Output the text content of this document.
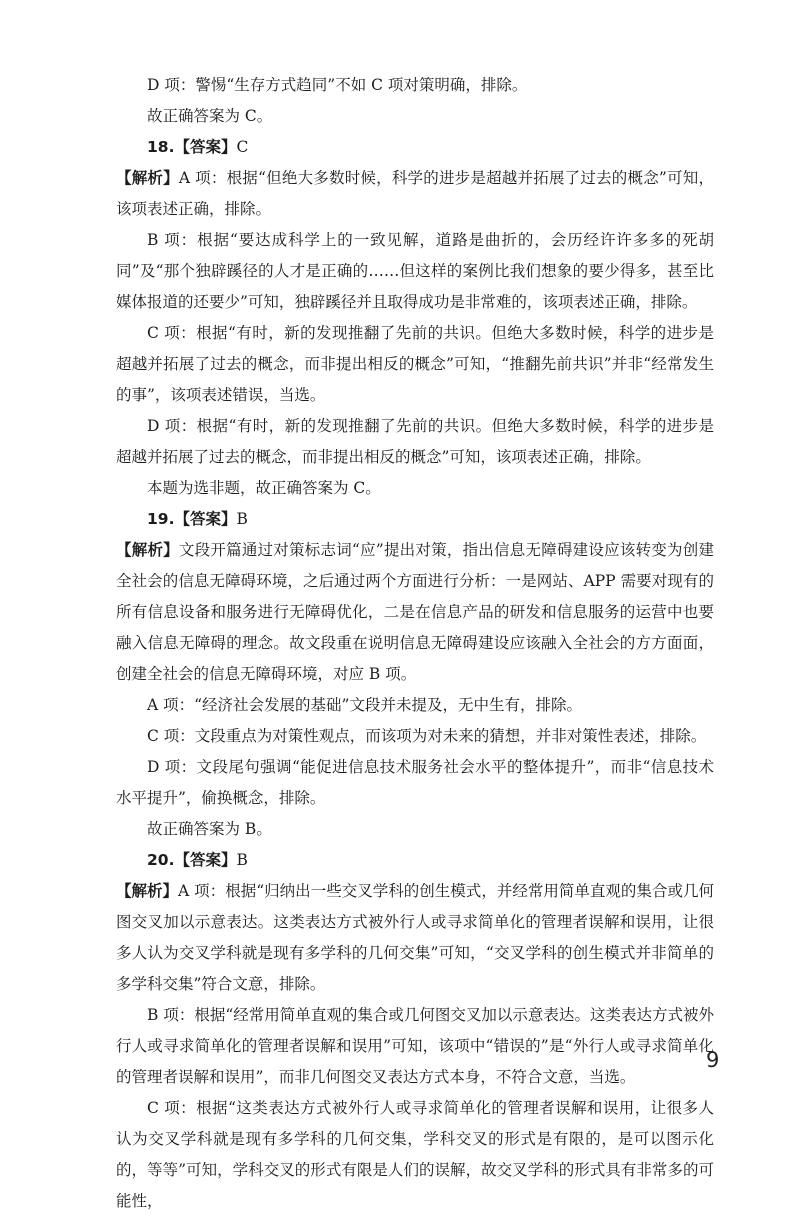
D 项：警惕“生存方式趋同”不如 C 项对策明确，排除。

故正确答案为 C。

18.【答案】C

【解析】A 项：根据“但绝大多数时候，科学的进步是超越并拓展了过去的概念”可知，该项表述正确，排除。

B 项：根据“要达成科学上的一致见解，道路是曲折的，会历经许许多多的死胡同”及“那个独辟蹊径的人才是正确的……但这样的案例比我们想象的要少得多，甚至比媒体报道的还要少”可知，独辟蹊径并且取得成功是非常难的，该项表述正确，排除。

C 项：根据“有时，新的发现推翻了先前的共识。但绝大多数时候，科学的进步是超越并拓展了过去的概念，而非提出相反的概念”可知，“推翻先前共识”并非“经常发生的事”，该项表述错误，当选。

D 项：根据“有时，新的发现推翻了先前的共识。但绝大多数时候，科学的进步是超越并拓展了过去的概念，而非提出相反的概念”可知，该项表述正确，排除。

本题为选非题，故正确答案为 C。

19.【答案】B

【解析】文段开篇通过对策标志词“应”提出对策，指出信息无障碍建设应该转变为创建全社会的信息无障碍环境，之后通过两个方面进行分析：一是网站、APP 需要对现有的所有信息设备和服务进行无障碍优化，二是在信息产品的研发和信息服务的运营中也要融入信息无障碍的理念。故文段重在说明信息无障碍建设应该融入全社会的方方面面，创建全社会的信息无障碍环境，对应 B 项。

A 项：“经济社会发展的基础”文段并未提及，无中生有，排除。

C 项：文段重点为对策性观点，而该项为对未来的猜想，并非对策性表述，排除。

D 项：文段尾句强调“能促进信息技术服务社会水平的整体提升”，而非“信息技术水平提升”，偷换概念，排除。

故正确答案为 B。

20.【答案】B

【解析】A 项：根据“归纳出一些交叉学科的创生模式，并经常用简单直观的集合或几何图交叉加以示意表达。这类表达方式被外行人或寻求简单化的管理者误解和误用，让很多人认为交叉学科就是现有多学科的几何交集”可知，“交叉学科的创生模式并非简单的多学科交集”符合文意，排除。

B 项：根据“经常用简单直观的集合或几何图交叉加以示意表达。这类表达方式被外行人或寻求简单化的管理者误解和误用”可知，该项中“错误的”是“外行人或寻求简单化的管理者误解和误用”，而非几何图交叉表达方式本身，不符合文意，当选。

C 项：根据“这类表达方式被外行人或寻求简单化的管理者误解和误用，让很多人认为交叉学科就是现有多学科的几何交集，学科交叉的形式是有限的，是可以图示化的，等等”可知，学科交叉的形式有限是人们的误解，故交叉学科的形式具有非常多的可能性，

9
